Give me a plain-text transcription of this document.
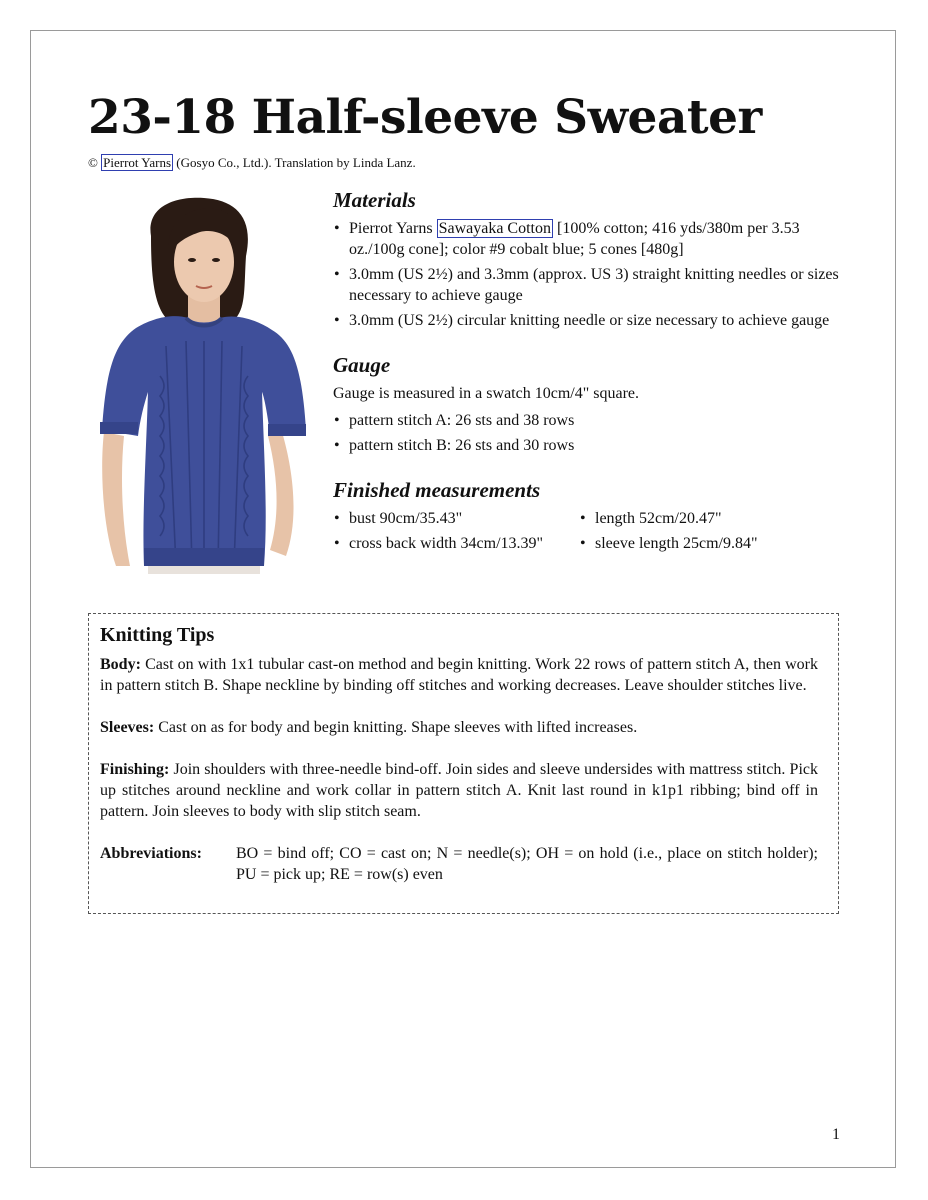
23-18 Half-sleeve Sweater
© Pierrot Yarns (Gosyo Co., Ltd.). Translation by Linda Lanz.
Materials
• Pierrot Yarns Sawayaka Cotton [100% cotton; 416 yds/380m per 3.53 oz./100g cone]; color #9 cobalt blue; 5 cones [480g]
• 3.0mm (US 2½) and 3.3mm (approx. US 3) straight knitting needles or sizes necessary to achieve gauge
• 3.0mm (US 2½) circular knitting needle or size necessary to achieve gauge
Gauge

Gauge is measured in a swatch 10cm/4" square.

• pattern stitch A: 26 sts and 38 rows
• pattern stitch B: 26 sts and 30 rows
Finished measurements
• bust 90cm/35.43"	• length 52cm/20.47"
• cross back width 34cm/13.39"	• sleeve length 25cm/9.84"
Knitting Tips

Body: Cast on with 1x1 tubular cast-on method and begin knitting. Work 22 rows of pattern stitch A, then work in pattern stitch B. Shape neckline by binding off stitches and working decreases. Leave shoulder stitches live.

Sleeves: Cast on as for body and begin knitting. Shape sleeves with lifted increases.

Finishing: Join shoulders with three-needle bind-off. Join sides and sleeve undersides with mattress stitch. Pick up stitches around neckline and work collar in pattern stitch A. Knit last round in k1p1 ribbing; bind off in pattern. Join sleeves to body with slip stitch seam.

Abbreviations:	BO = bind off; CO = cast on; N = needle(s); OH = on hold (i.e., place on stitch holder); PU = pick up; RE = row(s) even
1
